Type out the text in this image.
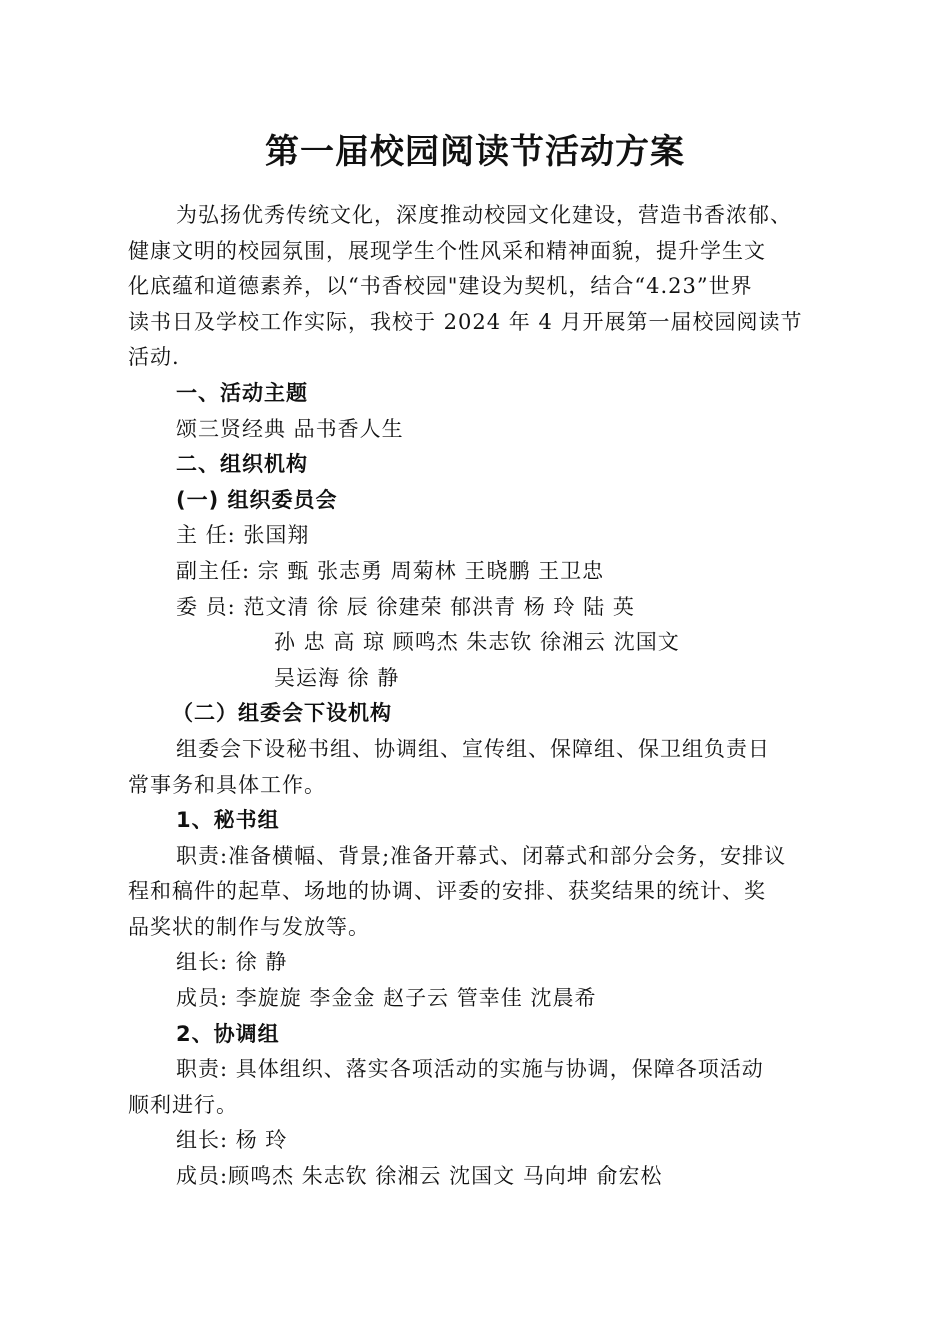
第一届校园阅读节活动方案
为弘扬优秀传统文化，深度推动校园文化建设，营造书香浓郁、
健康文明的校园氛围，展现学生个性风采和精神面貌，提升学生文
化底蕴和道德素养，以“书香校园"建设为契机，结合“4.23”世界
读书日及学校工作实际，我校于 2024 年 4 月开展第一届校园阅读节
活动.
一、活动主题
颂三贤经典 品书香人生
二、组织机构
(一) 组织委员会
主 任: 张国翔
副主任: 宗 甄 张志勇 周菊林 王晓鹏 王卫忠
委 员: 范文清 徐 辰 徐建荣 郁洪青 杨 玲 陆 英
孙 忠 高 琼 顾鸣杰 朱志钦 徐湘云 沈国文
吴运海 徐 静
（二）组委会下设机构
组委会下设秘书组、协调组、宣传组、保障组、保卫组负责日
常事务和具体工作。
1、秘书组
职责:准备横幅、背景;准备开幕式、闭幕式和部分会务，安排议
程和稿件的起草、场地的协调、评委的安排、获奖结果的统计、奖
品奖状的制作与发放等。
组长: 徐 静
成员: 李旋旋 李金金 赵子云 管幸佳 沈晨希
2、协调组
职责: 具体组织、落实各项活动的实施与协调，保障各项活动
顺利进行。
组长: 杨 玲
成员:顾鸣杰 朱志钦 徐湘云 沈国文 马向坤 俞宏松
